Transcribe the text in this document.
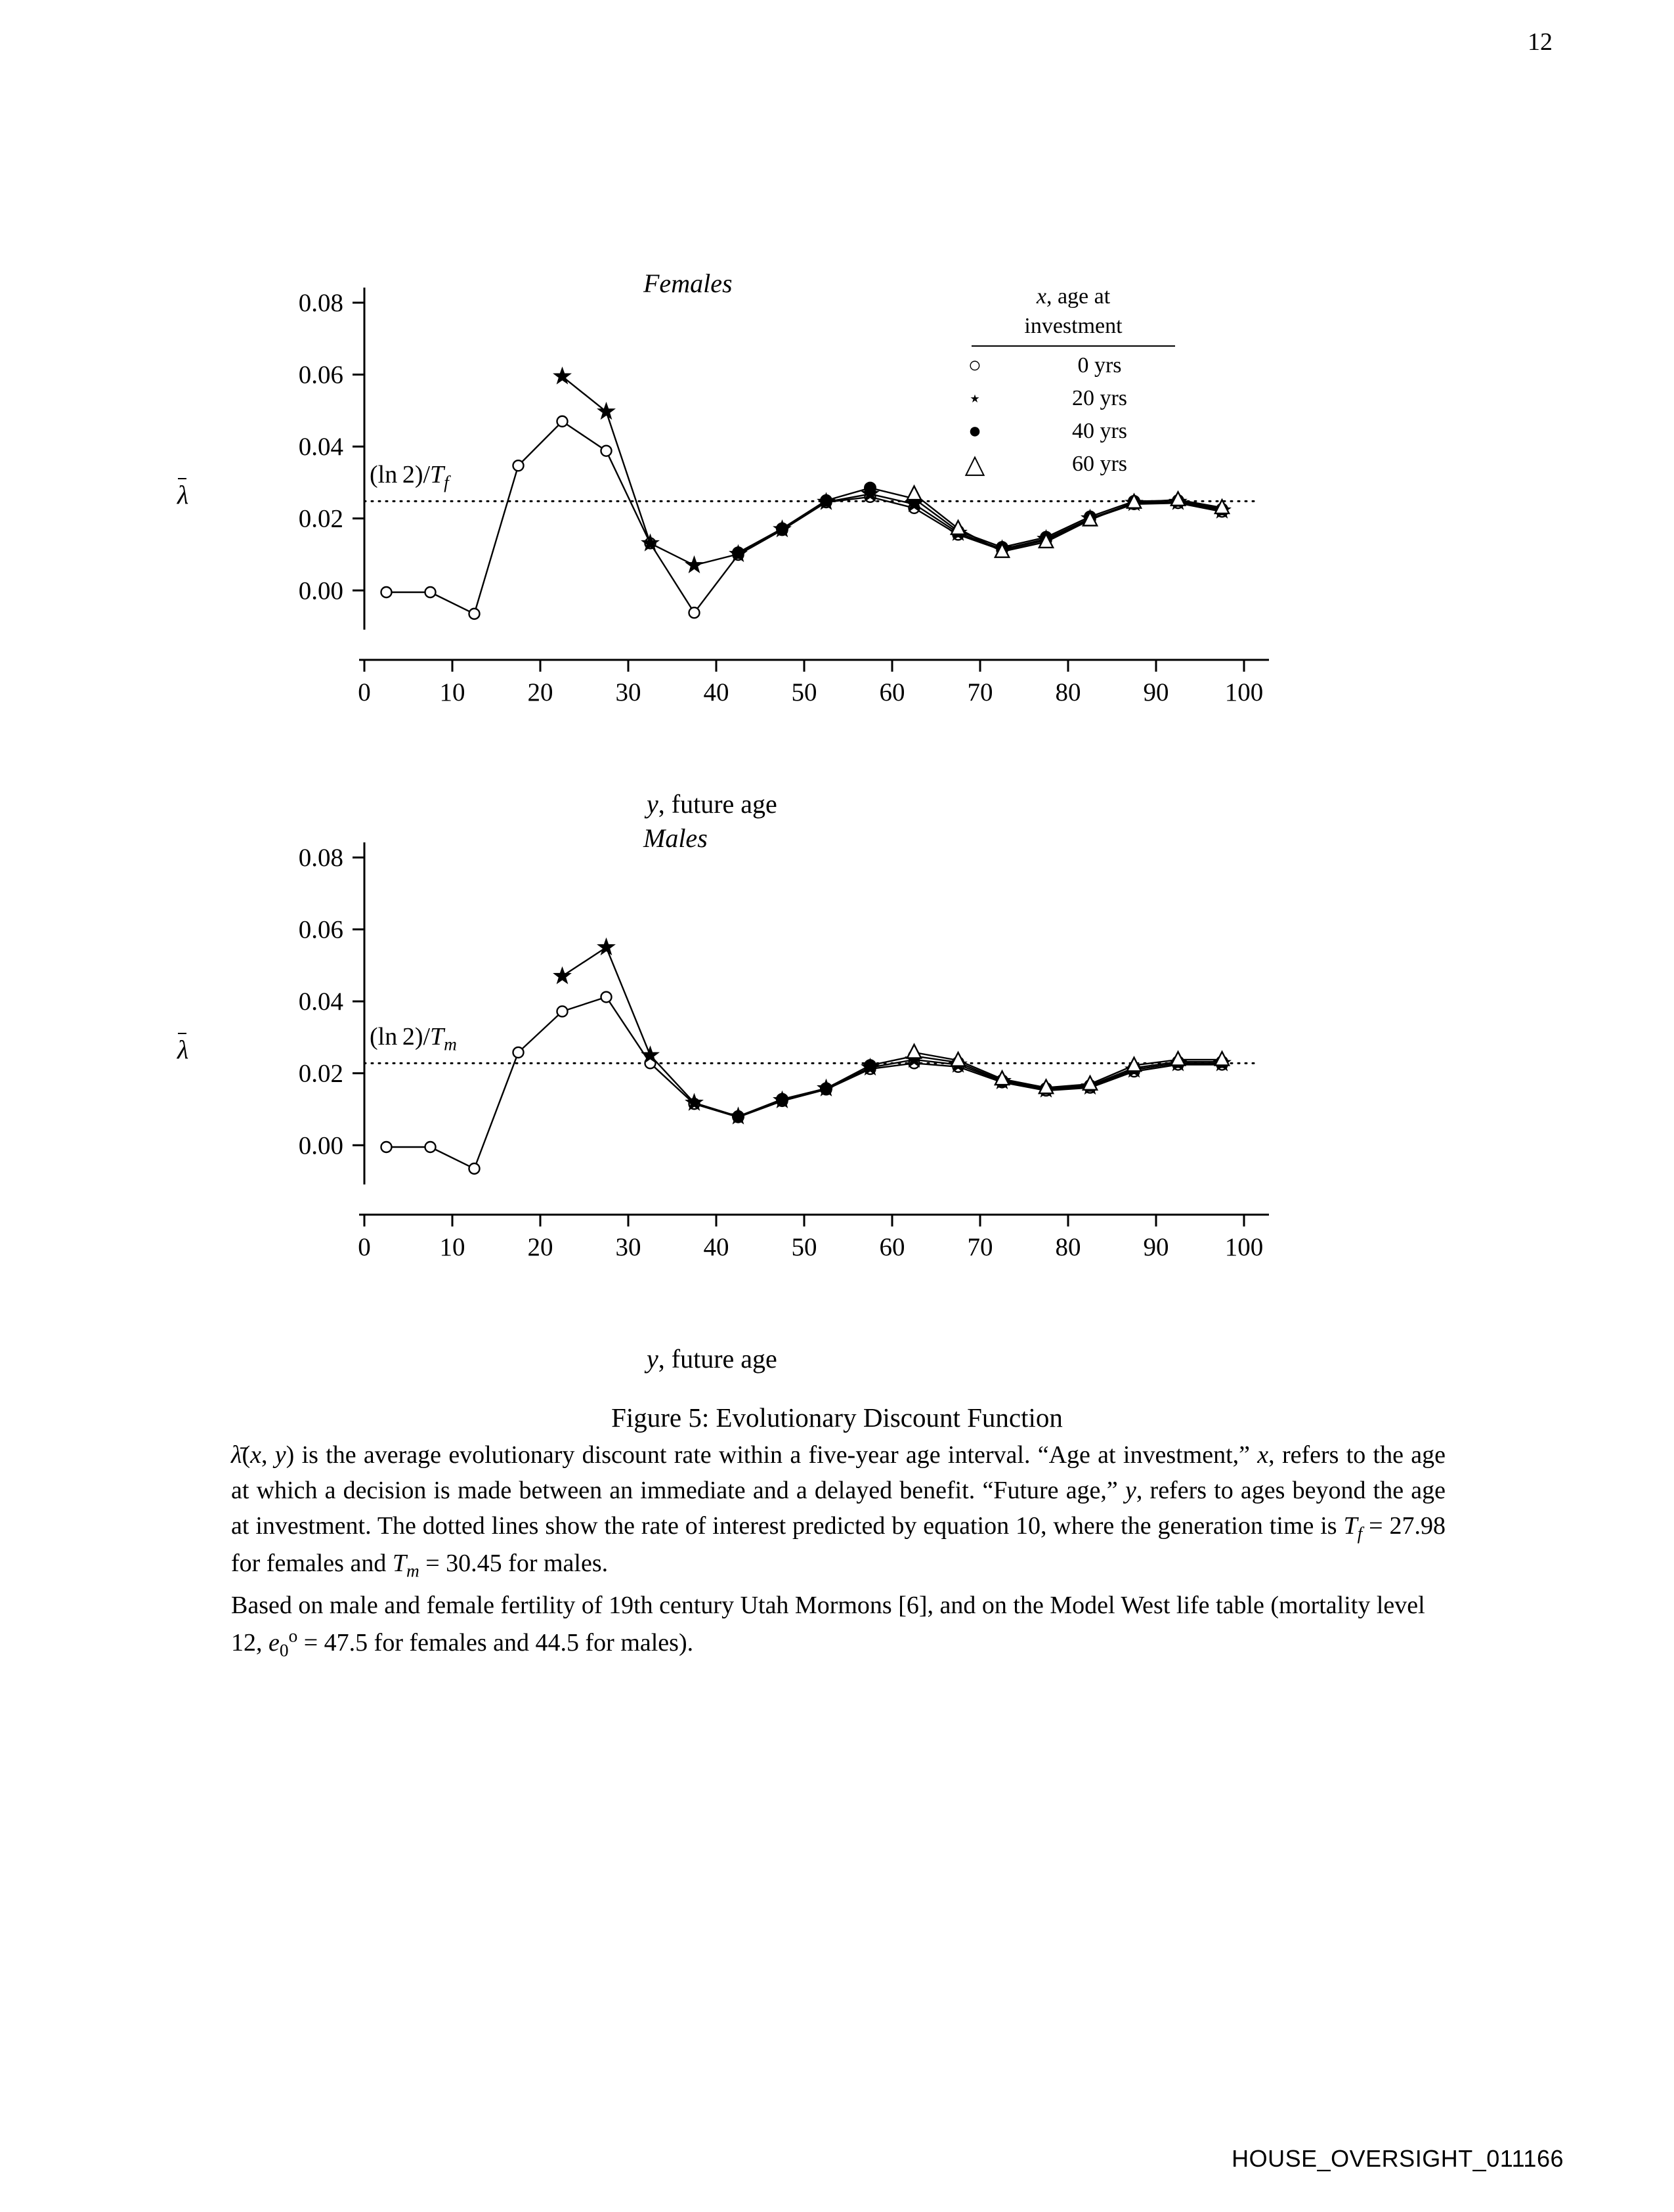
12
Females
λ
0.00
0.02
0.04
0.06
0.08
0	10 20 30 40 50 60 70 80 90 100
(ln $2)/T_f$
y, future age
x, age at
investment
○	0 yrs
⋆	20 yrs
●	40 yrs
△	60 yrs
Males
λ
0.00
0.02
0.04
0.06
0.08
0	10 20 30 40 50 60 70 80 90 100
(ln $2)/T_m$
y, future age
Figure 5: Evolutionary Discount Function

λ̄(x, y) is the average evolutionary discount rate within a five-year age interval. “Age at investment,” x, refers to the age at which a decision is made between an immediate and a delayed benefit. “Future age,” y, refers to ages beyond the age at investment. The dotted lines show the rate of interest predicted by equation 10, where the generation time is $T_f = 27.98$ for females and $T_m = 30.45$ for males.

Based on male and female fertility of 19th century Utah Mormons [6], and on the Model West life table (mortality level 12, $e_0^o = 47.5$ for females and 44.5 for males).

HOUSE_OVERSIGHT_011166
